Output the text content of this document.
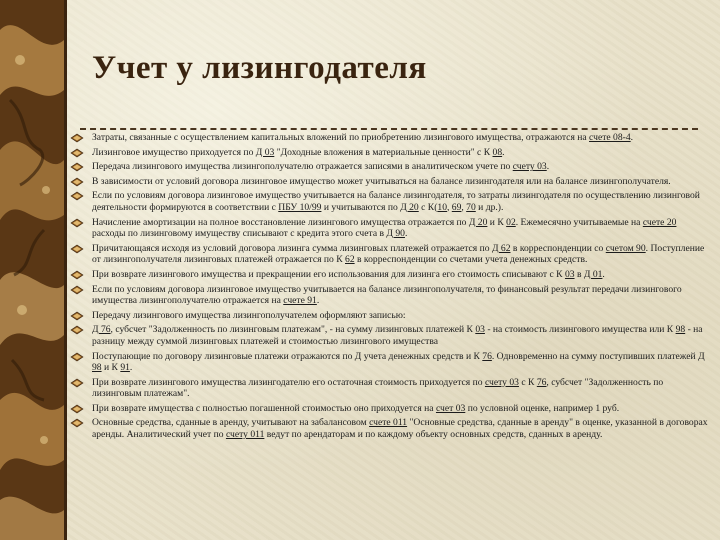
Учет у лизингодателя
Затраты, связанные с осуществлением капитальных вложений по приобретению лизингового имущества, отражаются на счете 08-4.
Лизинговое имущество приходуется по Д 03 "Доходные вложения в материальные ценности" с К 08.
Передача лизингового имущества лизингополучателю отражается записями в аналитическом учете по счету 03.
В зависимости от условий договора лизинговое имущество может учитываться на балансе лизингодателя или на балансе лизингополучателя.
Если по условиям договора лизинговое имущество учитывается на балансе лизингодателя, то затраты лизингодателя по осуществлению лизинговой деятельности формируются в соответствии с ПБУ 10/99 и учитываются по Д 20 с К(10, 69, 70 и др.).
Начисление амортизации на полное восстановление лизингового имущества отражается по Д 20 и К 02. Ежемесячно учитываемые на счете 20 расходы по лизинговому имуществу списывают с кредита этого счета в Д 90.
Причитающаяся исходя из условий договора лизинга сумма лизинговых платежей отражается по Д 62 в корреспонденции со счетом 90. Поступление от лизингополучателя лизинговых платежей отражается по К 62 в корреспонденции со счетами учета денежных средств.
При возврате лизингового имущества и прекращении его использования для лизинга его стоимость списывают с К 03 в Д 01.
Если по условиям договора лизинговое имущество учитывается на балансе лизингополучателя, то финансовый результат передачи лизингового имущества лизингополучателю отражается на счете 91.
Передачу лизингового имущества лизингополучателем оформляют записью:
Д 76, субсчет "Задолженность по лизинговым платежам", - на сумму лизинговых платежей К 03 - на стоимость лизингового имущества или К 98 - на разницу между суммой лизинговых платежей и стоимостью лизингового имущества
Поступающие по договору лизинговые платежи отражаются по Д учета денежных средств и К 76. Одновременно на сумму поступивших платежей Д 98 и К 91.
При возврате лизингового имущества лизингодателю его остаточная стоимость приходуется по счету 03 с К 76, субсчет "Задолженность по лизинговым платежам".
При возврате имущества с полностью погашенной стоимостью оно приходуется на счет 03 по условной оценке, например 1 руб.
Основные средства, сданные в аренду, учитывают на забалансовом счете 011 "Основные средства, сданные в аренду" в оценке, указанной в договорах аренды. Аналитический учет по счету 011 ведут по арендаторам и по каждому объекту основных средств, сданных в аренду.
